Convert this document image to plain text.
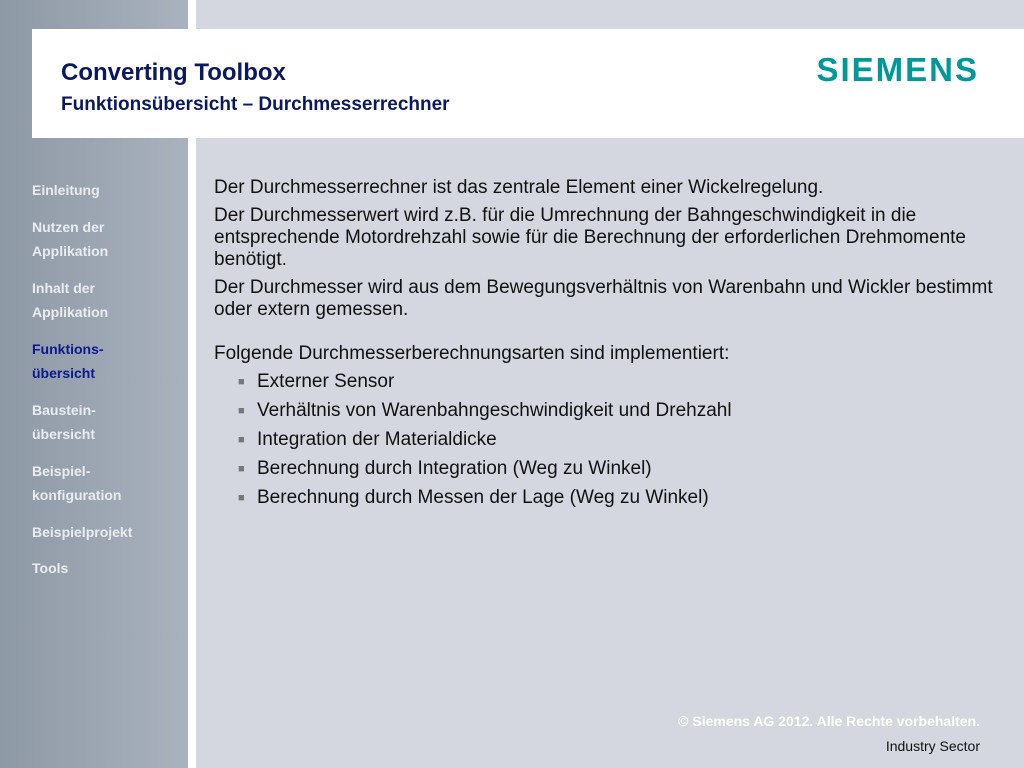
Converting Toolbox
Funktionsübersicht – Durchmesserrechner
SIEMENS
Einleitung
Nutzen der Applikation
Inhalt der Applikation
Funktions-übersicht
Baustein-übersicht
Beispiel-konfiguration
Beispielprojekt
Tools

Der Durchmesserrechner ist das zentrale Element einer Wickelregelung.

Der Durchmesserwert wird z.B. für die Umrechnung der Bahngeschwindigkeit in die entsprechende Motordrehzahl sowie für die Berechnung der erforderlichen Drehmomente benötigt.

Der Durchmesser wird aus dem Bewegungsverhältnis von Warenbahn und Wickler bestimmt oder extern gemessen.

Folgende Durchmesserberechnungsarten sind implementiert:

■ Externer Sensor
■ Verhältnis von Warenbahngeschwindigkeit und Drehzahl
■ Integration der Materialdicke
■ Berechnung durch Integration (Weg zu Winkel)
■ Berechnung durch Messen der Lage (Weg zu Winkel)
© Siemens AG 2012. Alle Rechte vorbehalten.
Industry Sector
